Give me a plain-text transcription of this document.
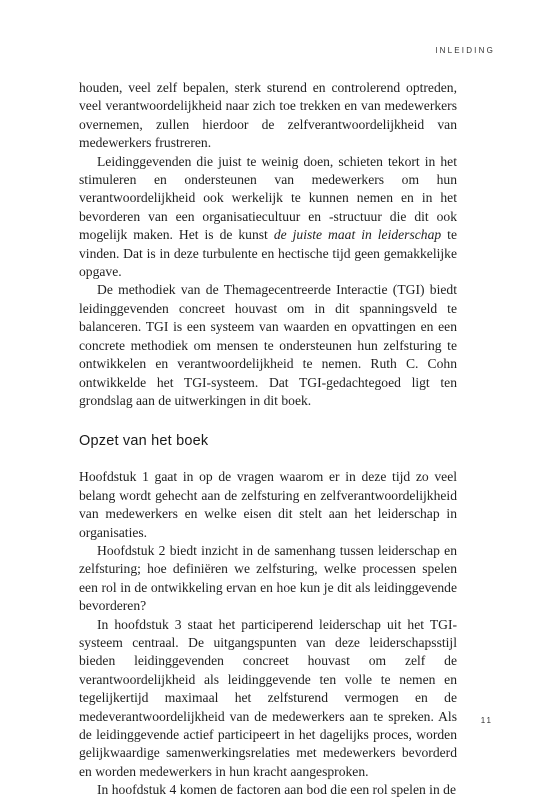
INLEIDING

houden, veel zelf bepalen, sterk sturend en controlerend optreden, veel verantwoordelijkheid naar zich toe trekken en van medewerkers overnemen, zullen hierdoor de zelfverantwoordelijkheid van medewerkers frustreren.

Leidinggevenden die juist te weinig doen, schieten tekort in het stimuleren en ondersteunen van medewerkers om hun verantwoordelijkheid ook werkelijk te kunnen nemen en in het bevorderen van een organisatiecultuur en -structuur die dit ook mogelijk maken. Het is de kunst de juiste maat in leiderschap te vinden. Dat is in deze turbulente en hectische tijd geen gemakkelijke opgave.

De methodiek van de Themagecentreerde Interactie (TGI) biedt leidinggevenden concreet houvast om in dit spanningsveld te balanceren. TGI is een systeem van waarden en opvattingen en een concrete methodiek om mensen te ondersteunen hun zelfsturing te ontwikkelen en verantwoordelijkheid te nemen. Ruth C. Cohn ontwikkelde het TGI-systeem. Dat TGI-gedachtegoed ligt ten grondslag aan de uitwerkingen in dit boek.

Opzet van het boek

Hoofdstuk 1 gaat in op de vragen waarom er in deze tijd zo veel belang wordt gehecht aan de zelfsturing en zelfverantwoordelijkheid van medewerkers en welke eisen dit stelt aan het leiderschap in organisaties.

Hoofdstuk 2 biedt inzicht in de samenhang tussen leiderschap en zelfsturing; hoe definiëren we zelfsturing, welke processen spelen een rol in de ontwikkeling ervan en hoe kun je dit als leidinggevende bevorderen?

In hoofdstuk 3 staat het participerend leiderschap uit het TGI-systeem centraal. De uitgangspunten van deze leiderschapsstijl bieden leidinggevenden concreet houvast om zelf de verantwoordelijkheid als leidinggevende ten volle te nemen en tegelijkertijd maximaal het zelfsturend vermogen en de medeverantwoordelijkheid van de medewerkers aan te spreken. Als de leidinggevende actief participeert in het dagelijks proces, worden gelijkwaardige samenwerkingsrelaties met medewerkers bevorderd en worden medewerkers in hun kracht aangesproken.

In hoofdstuk 4 komen de factoren aan bod die een rol spelen in de

11
